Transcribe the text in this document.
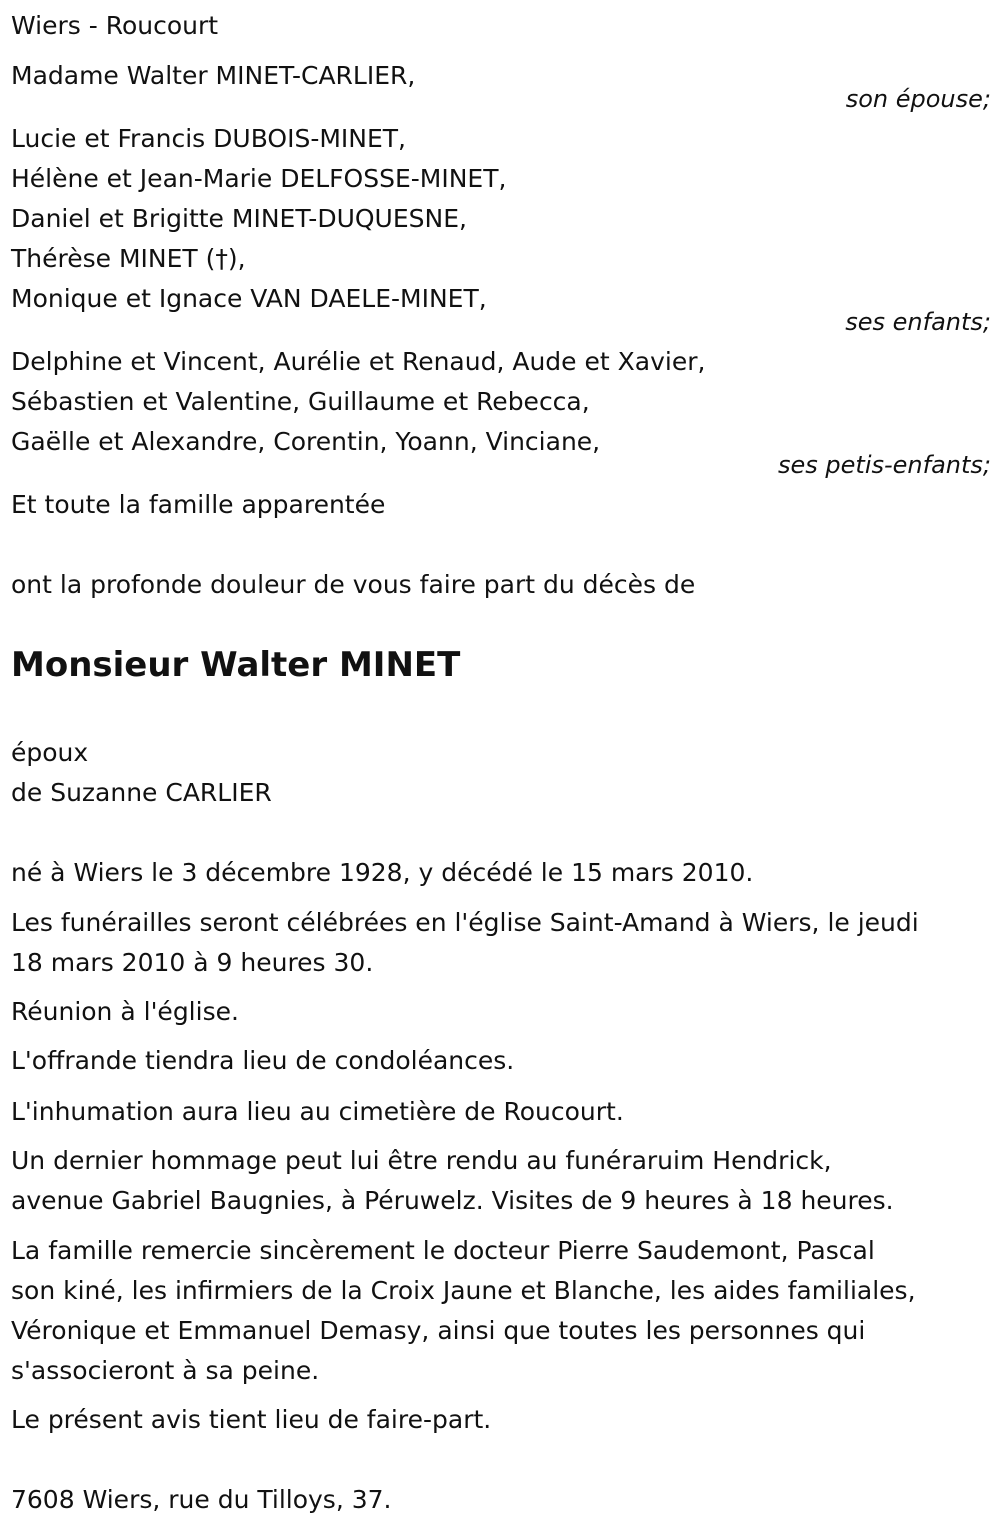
Wiers - Roucourt
Madame Walter MINET-CARLIER,
son épouse;
Lucie et Francis DUBOIS-MINET,
Hélène et Jean-Marie DELFOSSE-MINET,
Daniel et Brigitte MINET-DUQUESNE,
Thérèse MINET (†),
Monique et Ignace VAN DAELE-MINET,
ses enfants;
Delphine et Vincent, Aurélie et Renaud, Aude et Xavier,
Sébastien et Valentine, Guillaume et Rebecca,
Gaëlle et Alexandre, Corentin, Yoann, Vinciane,
ses petis-enfants;
Et toute la famille apparentée
ont la profonde douleur de vous faire part du décès de
Monsieur Walter MINET
époux
de Suzanne CARLIER
né à Wiers le 3 décembre 1928, y décédé le 15 mars 2010.
Les funérailles seront célébrées en l'église Saint-Amand à Wiers, le jeudi
18 mars 2010 à 9 heures 30.
Réunion à l'église.
L'offrande tiendra lieu de condoléances.
L'inhumation aura lieu au cimetière de Roucourt.
Un dernier hommage peut lui être rendu au funéraruim Hendrick,
avenue Gabriel Baugnies, à Péruwelz. Visites de 9 heures à 18 heures.
La famille remercie sincèrement le docteur Pierre Saudemont, Pascal
son kiné, les infirmiers de la Croix Jaune et Blanche, les aides familiales,
Véronique et Emmanuel Demasy, ainsi que toutes les personnes qui
s'associeront à sa peine.
Le présent avis tient lieu de faire-part.
7608 Wiers, rue du Tilloys, 37.
